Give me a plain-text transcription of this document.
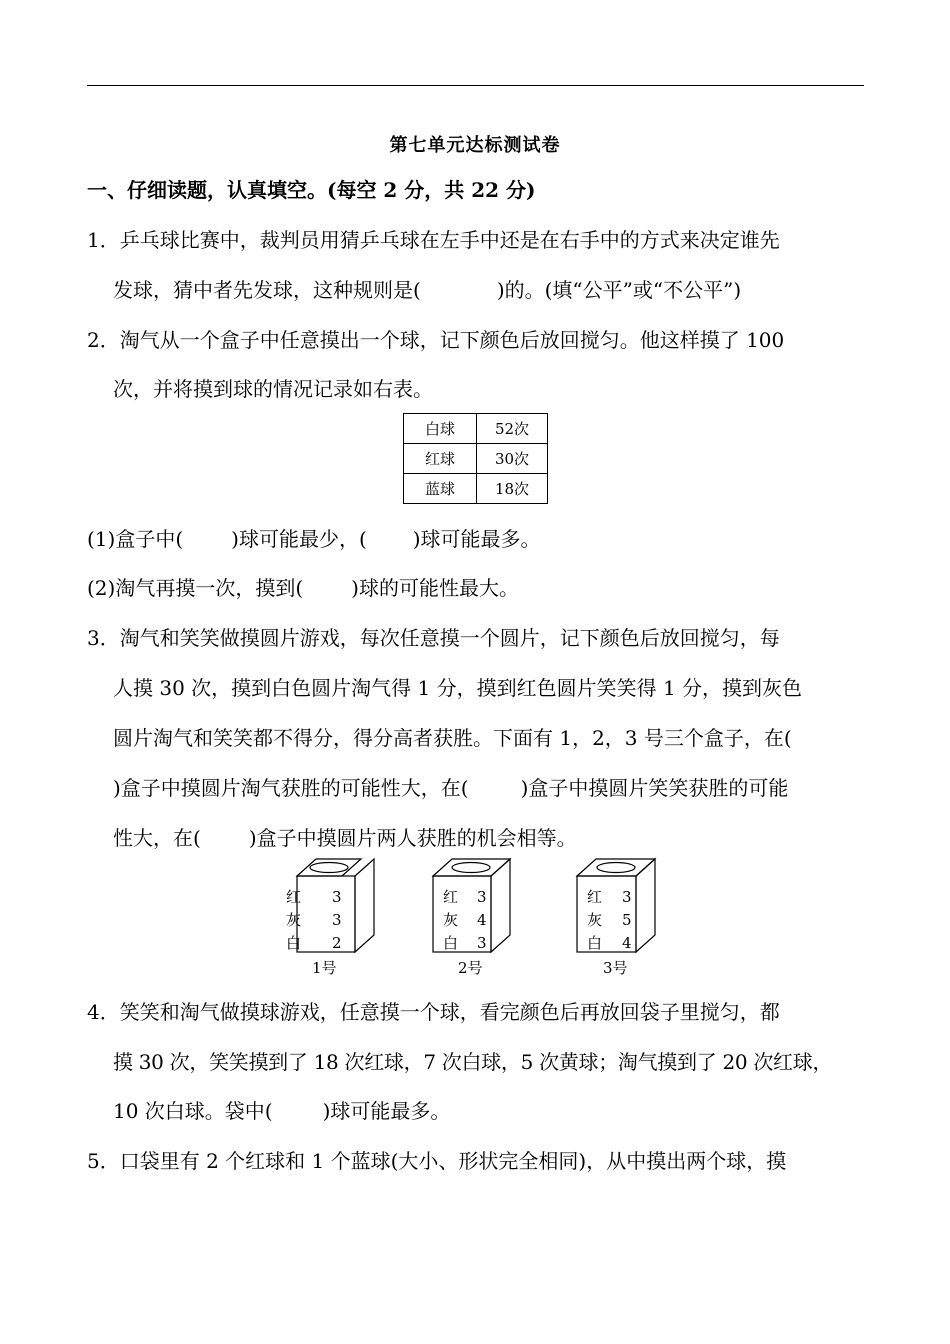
第七单元达标测试卷
一、仔细读题，认真填空。(每空 2 分，共 22 分)
1．乒乓球比赛中，裁判员用猜乒乓球在左手中还是在右手中的方式来决定谁先
发球，猜中者先发球，这种规则是(	)的。(填“公平”或“不公平”)
2．淘气从一个盒子中任意摸出一个球，记下颜色后放回搅匀。他这样摸了 100
次，并将摸到球的情况记录如右表。
白球	52次
红球	30次
蓝球	18次
(1)盒子中( )球可能最少，( )球可能最多。
(2)淘气再摸一次，摸到( )球的可能性最大。
3．淘气和笑笑做摸圆片游戏，每次任意摸一个圆片，记下颜色后放回搅匀，每
人摸 30 次，摸到白色圆片淘气得 1 分，摸到红色圆片笑笑得 1 分，摸到灰色
圆片淘气和笑笑都不得分，得分高者获胜。下面有 1，2，3 号三个盒子，在(
)盒子中摸圆片淘气获胜的可能性大，在(	)盒子中摸圆片笑笑获胜的可能
性大，在( )盒子中摸圆片两人获胜的机会相等。
红 3
灰 3
白 2
1号
红 3
灰 4
白 3
2号
红 3
灰 5
白 4
3号
4．笑笑和淘气做摸球游戏，任意摸一个球，看完颜色后再放回袋子里搅匀，都
摸 30 次，笑笑摸到了 18 次红球，7 次白球，5 次黄球；淘气摸到了 20 次红球，
10 次白球。袋中(	)球可能最多。
5．口袋里有 2 个红球和 1 个蓝球(大小、形状完全相同)，从中摸出两个球，摸
